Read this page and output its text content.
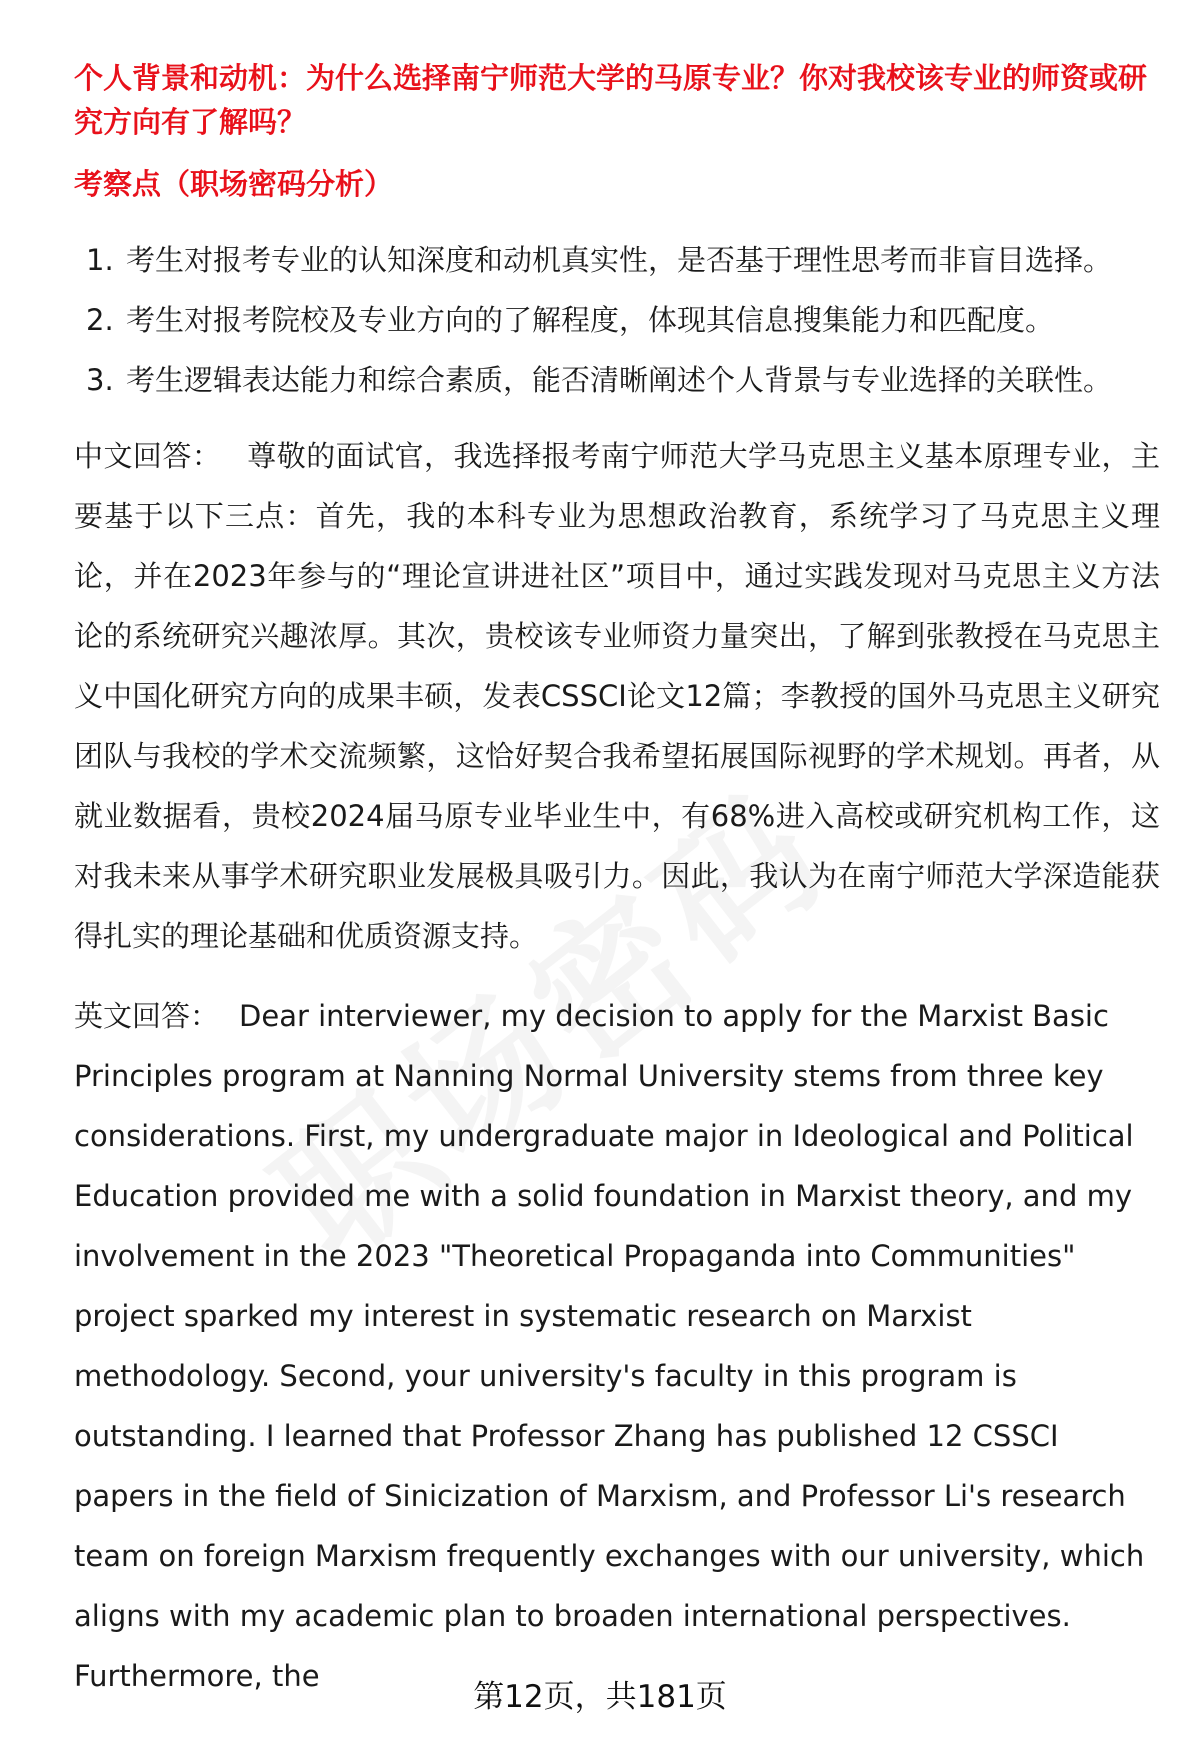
个人背景和动机：为什么选择南宁师范大学的马原专业？你对我校该专业的师资或研究方向有了解吗？

考察点（职场密码分析）

1. 考生对报考专业的认知深度和动机真实性，是否基于理性思考而非盲目选择。
2. 考生对报考院校及专业方向的了解程度，体现其信息搜集能力和匹配度。
3. 考生逻辑表达能力和综合素质，能否清晰阐述个人背景与专业选择的关联性。

中文回答： 尊敬的面试官，我选择报考南宁师范大学马克思主义基本原理专业，主要基于以下三点：首先，我的本科专业为思想政治教育，系统学习了马克思主义理论，并在2023年参与的“理论宣讲进社区”项目中，通过实践发现对马克思主义方法论的系统研究兴趣浓厚。其次，贵校该专业师资力量突出，了解到张教授在马克思主义中国化研究方向的成果丰硕，发表CSSCI论文12篇；李教授的国外马克思主义研究团队与我校的学术交流频繁，这恰好契合我希望拓展国际视野的学术规划。再者，从就业数据看，贵校2024届马原专业毕业生中，有68%进入高校或研究机构工作，这对我未来从事学术研究职业发展极具吸引力。因此，我认为在南宁师范大学深造能获得扎实的理论基础和优质资源支持。

英文回答： Dear interviewer, my decision to apply for the Marxist Basic Principles program at Nanning Normal University stems from three key considerations. First, my undergraduate major in Ideological and Political Education provided me with a solid foundation in Marxist theory, and my involvement in the 2023 "Theoretical Propaganda into Communities" project sparked my interest in systematic research on Marxist methodology. Second, your university's faculty in this program is outstanding. I learned that Professor Zhang has published 12 CSSCI papers in the field of Sinicization of Marxism, and Professor Li's research team on foreign Marxism frequently exchanges with our university, which aligns with my academic plan to broaden international perspectives. Furthermore, the

第12页，共181页
